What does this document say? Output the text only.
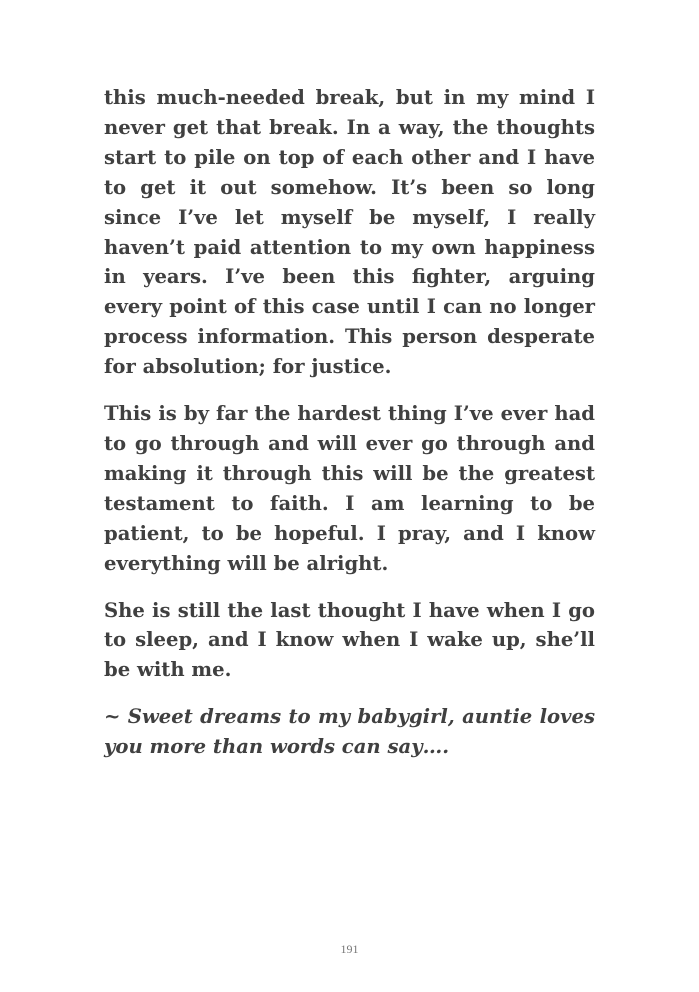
this much-needed break, but in my mind I never get that break. In a way, the thoughts start to pile on top of each other and I have to get it out somehow. It’s been so long since I’ve let myself be myself, I really haven’t paid attention to my own happiness in years. I’ve been this fighter, arguing every point of this case until I can no longer process information. This person desperate for absolution; for justice.

This is by far the hardest thing I’ve ever had to go through and will ever go through and making it through this will be the greatest testament to faith. I am learning to be patient, to be hopeful. I pray, and I know everything will be alright.

She is still the last thought I have when I go to sleep, and I know when I wake up, she’ll be with me.

~ Sweet dreams to my babygirl, auntie loves you more than words can say….

191
